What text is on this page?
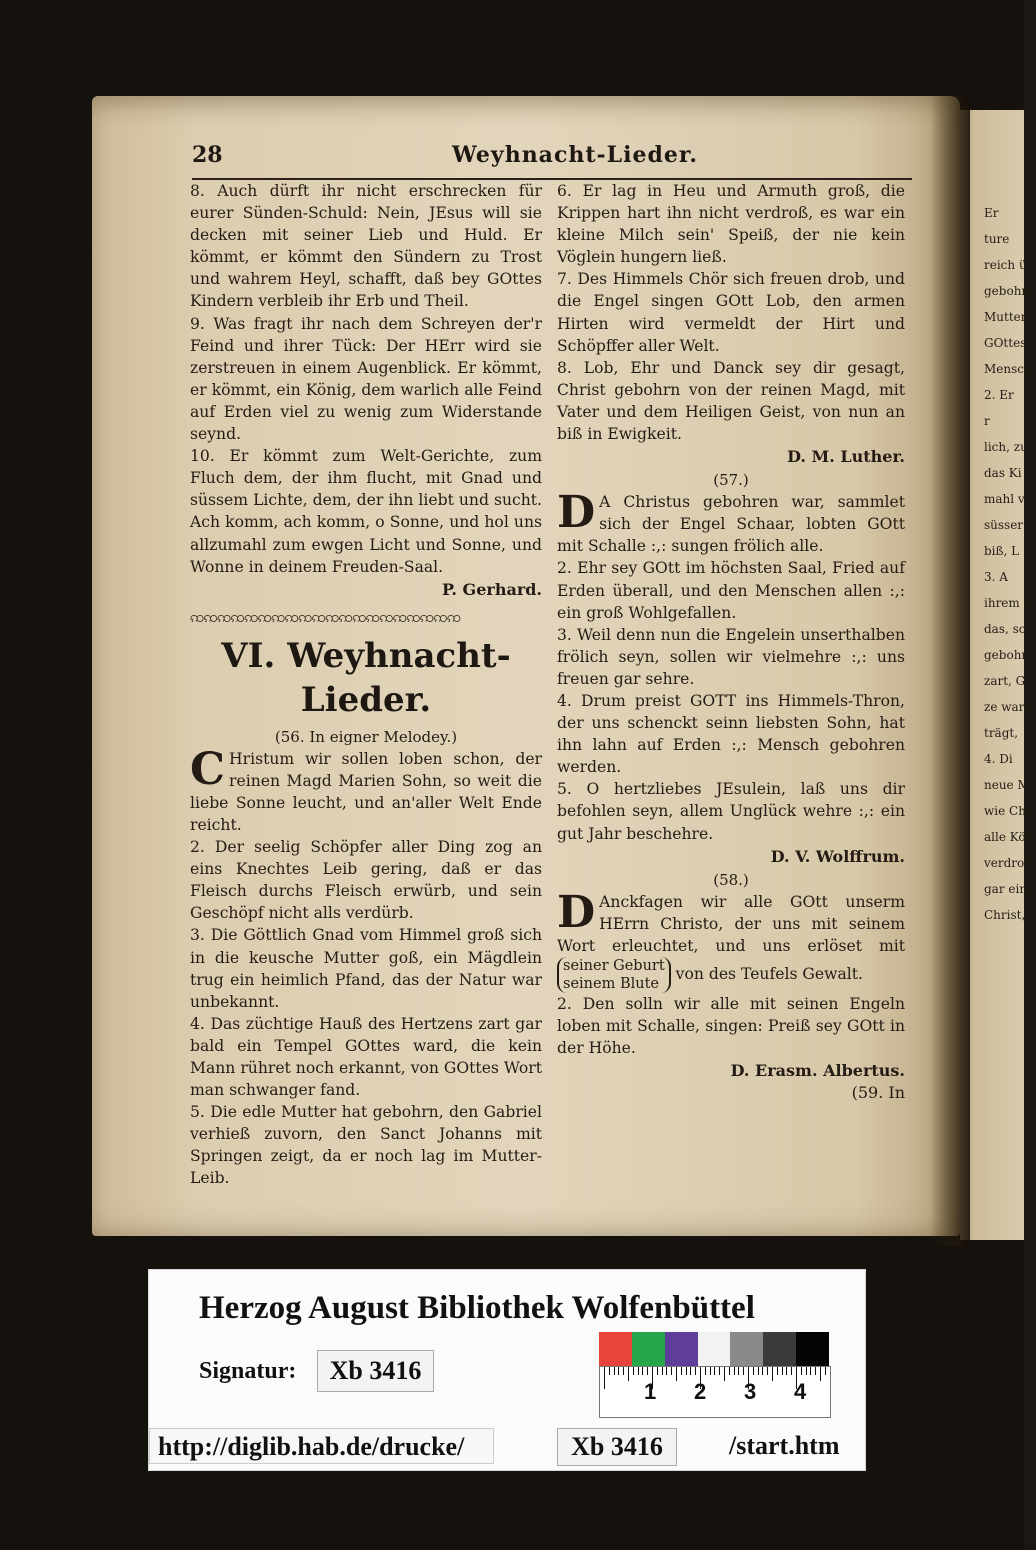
28	Weyhnacht-Lieder.

8. Auch dürft ihr nicht erschrecken für eurer Sünden-Schuld: Nein, JEsus will sie decken mit seiner Lieb und Huld. Er kömmt, er kömmt den Sündern zu Trost und wahrem Heyl, schafft, daß bey GOttes Kindern verbleib ihr Erb und Theil.

9. Was fragt ihr nach dem Schreyen der'r Feind und ihrer Tück: Der HErr wird sie zerstreuen in einem Augenblick. Er kömmt, er kömmt, ein König, dem warlich alle Feind auf Erden viel zu wenig zum Widerstande seynd.

10. Er kömmt zum Welt-Gerichte, zum Fluch dem, der ihm flucht, mit Gnad und süssem Lichte, dem, der ihn liebt und sucht. Ach komm, ach komm, o Sonne, und hol uns allzumahl zum ewgen Licht und Sonne, und Wonne in deinem Freuden-Saal.

P. Gerhard.
ꩡꩡꩡꩡꩡꩡꩡꩡꩡꩡꩡꩡꩡꩡꩡꩡꩡꩡꩡꩡ
VI. Weyhnacht-Lieder.
(56. In eigner Melodey.)

C Hristum wir sollen loben schon, der reinen Magd Marien Sohn, so weit die liebe Sonne leucht, und an'aller Welt Ende reicht.

2. Der seelig Schöpfer aller Ding zog an eins Knechtes Leib gering, daß er das Fleisch durchs Fleisch erwürb, und sein Geschöpf nicht alls verdürb.

3. Die Göttlich Gnad vom Himmel groß sich in die keusche Mutter goß, ein Mägdlein trug ein heimlich Pfand, das der Natur war unbekannt.

4. Das züchtige Hauß des Hertzens zart gar bald ein Tempel GOttes ward, die kein Mann rühret noch erkannt, von GOttes Wort man schwanger fand.

5. Die edle Mutter hat gebohrn, den Gabriel verhieß zuvorn, den Sanct Johanns mit Springen zeigt, da er noch lag im Mutter-Leib.

6. Er lag in Heu und Armuth groß, die Krippen hart ihn nicht verdroß, es war ein kleine Milch sein' Speiß, der nie kein Vöglein hungern ließ.

7. Des Himmels Chör sich freuen drob, und die Engel singen GOtt Lob, den armen Hirten wird vermeldt der Hirt und Schöpffer aller Welt.

8. Lob, Ehr und Danck sey dir gesagt, Christ gebohrn von der reinen Magd, mit Vater und dem Heiligen Geist, von nun an biß in Ewigkeit.

D. M. Luther.
(57.)

D A Christus gebohren war, sammlet sich der Engel Schaar, lobten GOtt mit Schalle :,: sungen frölich alle.

2. Ehr sey GOtt im höchsten Saal, Fried auf Erden überall, und den Menschen allen :,: ein groß Wohlgefallen.

3. Weil denn nun die Engelein unserthalben frölich seyn, sollen wir vielmehre :,: uns freuen gar sehre.

4. Drum preist GOTT ins Himmels-Thron, der uns schenckt seinn liebsten Sohn, hat ihn lahn auf Erden :,: Mensch gebohren werden.

5. O hertzliebes JEsulein, laß uns dir befohlen seyn, allem Unglück wehre :,: ein gut Jahr beschehre.

D. V. Wolffrum.
(58.)

D Anckfagen wir alle GOtt unserm HErrn Christo, der uns mit seinem Wort erleuchtet, und uns erlöset mit seiner Geburt
seinem Blute von des Teufels Gewalt.

2. Den solln wir alle mit seinen Engeln loben mit Schalle, singen: Preiß sey GOtt in der Höhe.

D. Erasm. Albertus.
(59. In
Er
ture
reich üb
gebohrn
Mutter
GOttes
Mensch
2. Er
r
lich, zu
das Ki
mahl v
süsser
biß, L
3. A
ihrem Fl
das, so
gebohrn
zart, G
ze ward
trägt,
4. Di
neue M
wie Chr
alle Kön
verdroß,
gar eine
Christ,
Herzog August Bibliothek Wolfenbüttel
Signatur:	Xb 3416
1 2 3 4
http://diglib.hab.de/drucke/	Xb 3416	/start.htm
